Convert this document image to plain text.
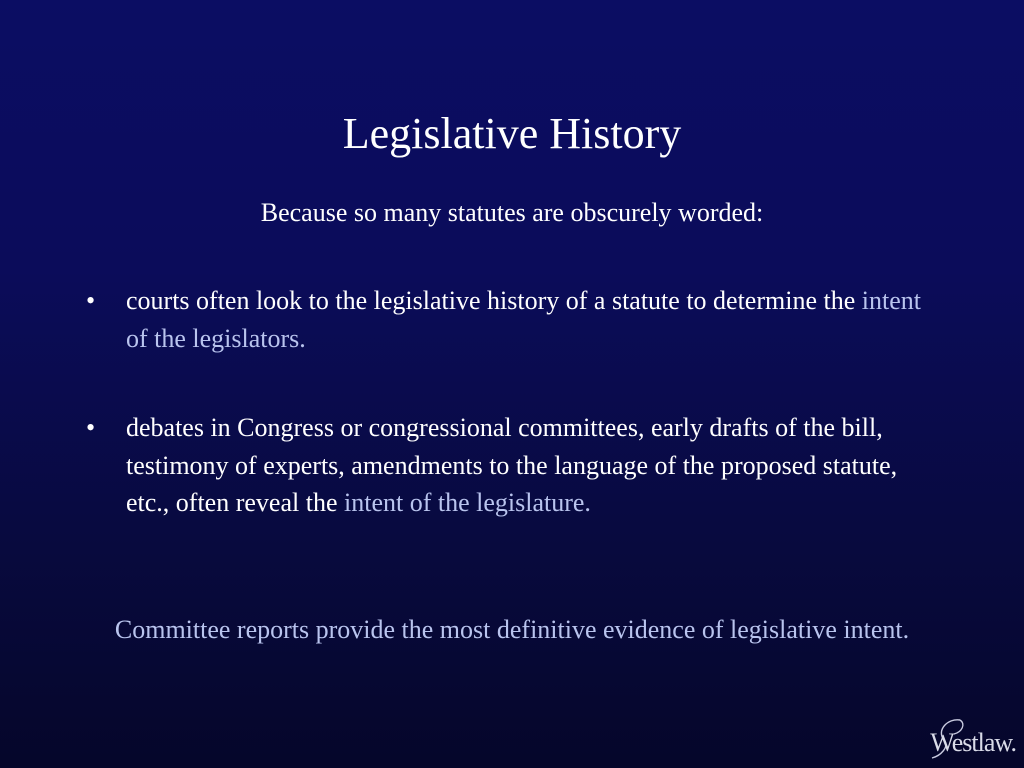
Legislative History
Because so many statutes are obscurely worded:
• courts often look to the legislative history of a statute to determine the intent of the legislators.
• debates in Congress or congressional committees, early drafts of the bill, testimony of experts, amendments to the language of the proposed statute, etc., often reveal the intent of the legislature.
Committee reports provide the most definitive evidence of legislative intent.
Westlaw.
